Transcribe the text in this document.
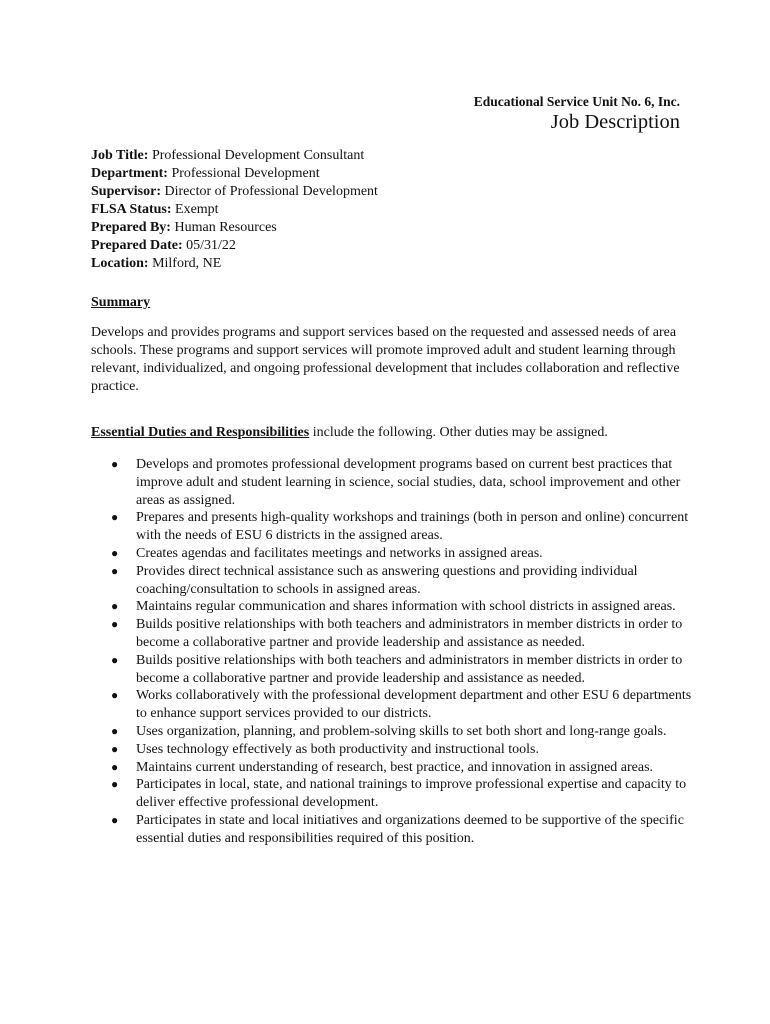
Educational Service Unit No. 6, Inc.
Job Description
Job Title: Professional Development Consultant
Department: Professional Development
Supervisor: Director of Professional Development
FLSA Status: Exempt
Prepared By: Human Resources
Prepared Date: 05/31/22
Location: Milford, NE
Summary
Develops and provides programs and support services based on the requested and assessed needs of area schools. These programs and support services will promote improved adult and student learning through relevant, individualized, and ongoing professional development that includes collaboration and reflective practice.
Essential Duties and Responsibilities include the following. Other duties may be assigned.
● Develops and promotes professional development programs based on current best practices that improve adult and student learning in science, social studies, data, school improvement and other areas as assigned.
● Prepares and presents high-quality workshops and trainings (both in person and online) concurrent with the needs of ESU 6 districts in the assigned areas.
● Creates agendas and facilitates meetings and networks in assigned areas.
● Provides direct technical assistance such as answering questions and providing individual coaching/consultation to schools in assigned areas.
● Maintains regular communication and shares information with school districts in assigned areas.
● Builds positive relationships with both teachers and administrators in member districts in order to become a collaborative partner and provide leadership and assistance as needed.
● Builds positive relationships with both teachers and administrators in member districts in order to become a collaborative partner and provide leadership and assistance as needed.
● Works collaboratively with the professional development department and other ESU 6 departments to enhance support services provided to our districts.
● Uses organization, planning, and problem-solving skills to set both short and long-range goals.
● Uses technology effectively as both productivity and instructional tools.
● Maintains current understanding of research, best practice, and innovation in assigned areas.
● Participates in local, state, and national trainings to improve professional expertise and capacity to deliver effective professional development.
● Participates in state and local initiatives and organizations deemed to be supportive of the specific essential duties and responsibilities required of this position.
